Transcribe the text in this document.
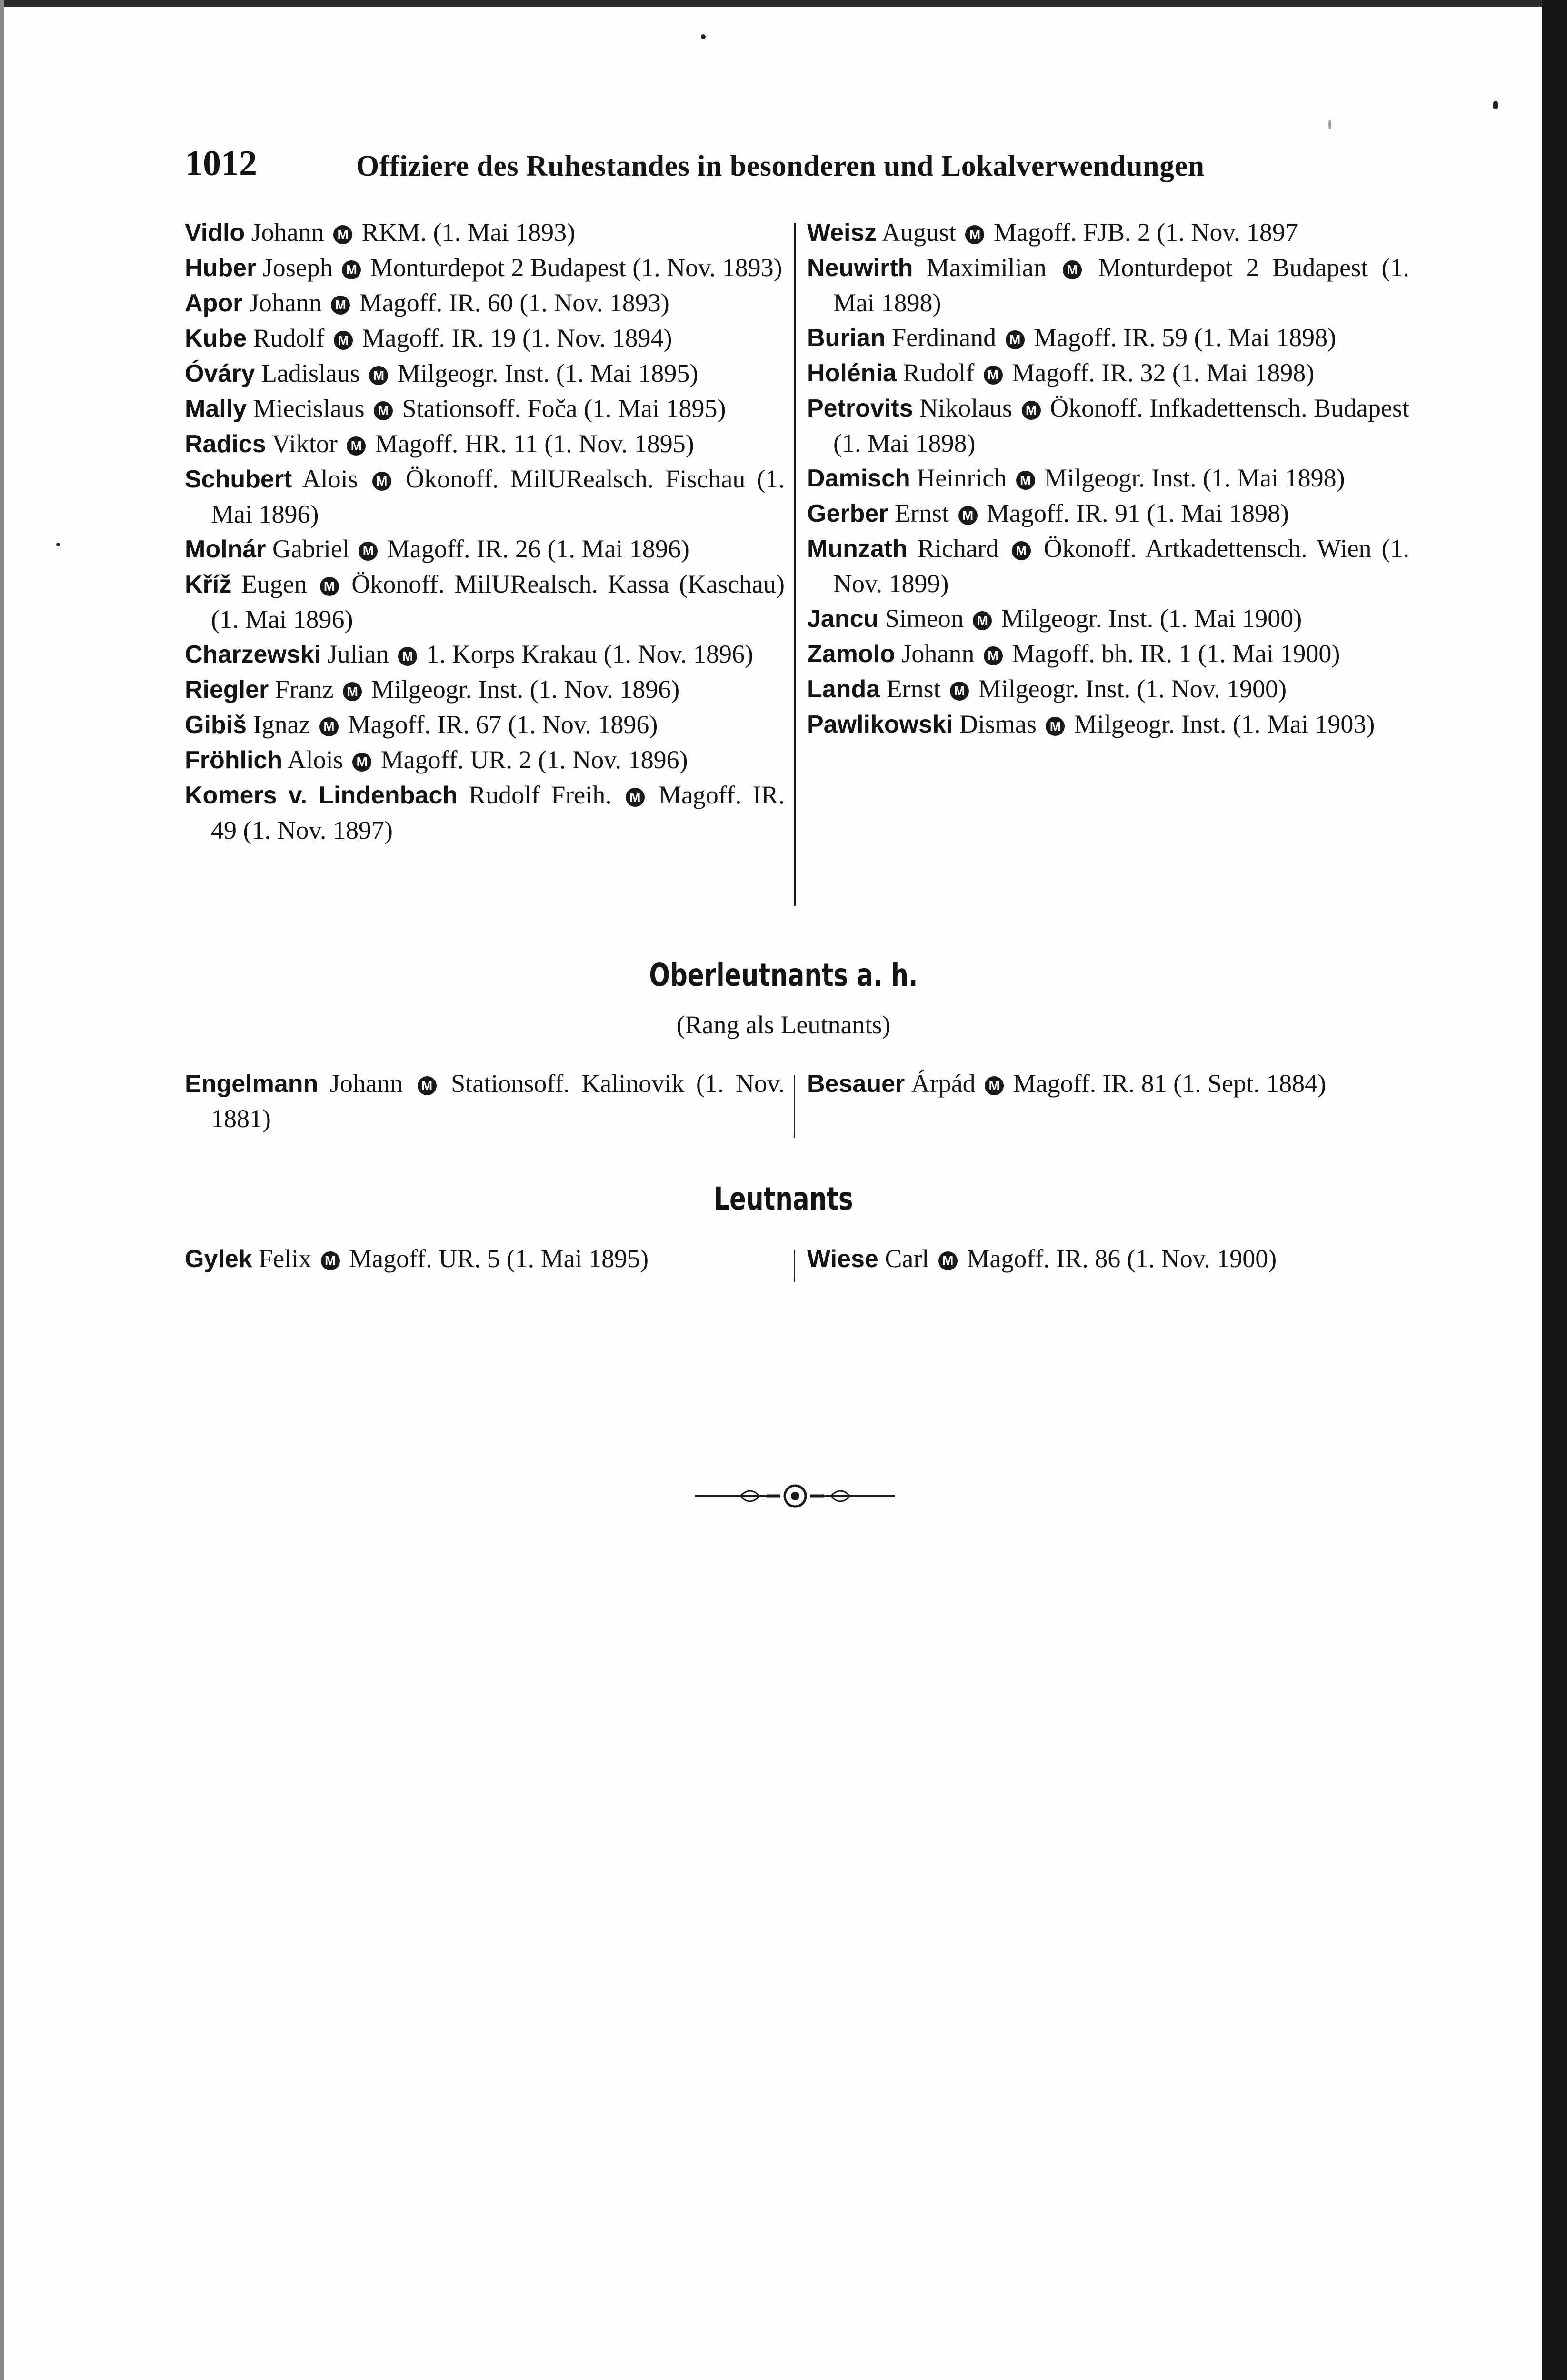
1012	Offiziere des Ruhestandes in besonderen und Lokalverwendungen
Vidlo Johann M RKM. (1. Mai 1893)
Huber Joseph M Monturdepot 2 Budapest (1. Nov. 1893)
Apor Johann M Magoff. IR. 60 (1. Nov. 1893)
Kube Rudolf M Magoff. IR. 19 (1. Nov. 1894)
Óváry Ladislaus M Milgeogr. Inst. (1. Mai 1895)
Mally Miecislaus M Stationsoff. Foča (1. Mai 1895)
Radics Viktor M Magoff. HR. 11 (1. Nov. 1895)
Schubert Alois M Ökonoff. MilURealsch. Fischau (1. Mai 1896)
Molnár Gabriel M Magoff. IR. 26 (1. Mai 1896)
Kříž Eugen M Ökonoff. MilURealsch. Kassa (Kaschau) (1. Mai 1896)
Charzewski Julian M 1. Korps Krakau (1. Nov. 1896)
Riegler Franz M Milgeogr. Inst. (1. Nov. 1896)
Gibiš Ignaz M Magoff. IR. 67 (1. Nov. 1896)
Fröhlich Alois M Magoff. UR. 2 (1. Nov. 1896)
Komers v. Lindenbach Rudolf Freih. M Magoff. IR. 49 (1. Nov. 1897)
Weisz August M Magoff. FJB. 2 (1. Nov. 1897
Neuwirth Maximilian M Monturdepot 2 Budapest (1. Mai 1898)
Burian Ferdinand M Magoff. IR. 59 (1. Mai 1898)
Holénia Rudolf M Magoff. IR. 32 (1. Mai 1898)
Petrovits Nikolaus M Ökonoff. Infkadettensch. Budapest (1. Mai 1898)
Damisch Heinrich M Milgeogr. Inst. (1. Mai 1898)
Gerber Ernst M Magoff. IR. 91 (1. Mai 1898)
Munzath Richard M Ökonoff. Artkadettensch. Wien (1. Nov. 1899)
Jancu Simeon M Milgeogr. Inst. (1. Mai 1900)
Zamolo Johann M Magoff. bh. IR. 1 (1. Mai 1900)
Landa Ernst M Milgeogr. Inst. (1. Nov. 1900)
Pawlikowski Dismas M Milgeogr. Inst. (1. Mai 1903)
Oberleutnants a. h.
(Rang als Leutnants)
Engelmann Johann M Stationsoff. Kalinovik (1. Nov. 1881)
Besauer Árpád M Magoff. IR. 81 (1. Sept. 1884)
Leutnants
Gylek Felix M Magoff. UR. 5 (1. Mai 1895)	Wiese Carl M Magoff. IR. 86 (1. Nov. 1900)
